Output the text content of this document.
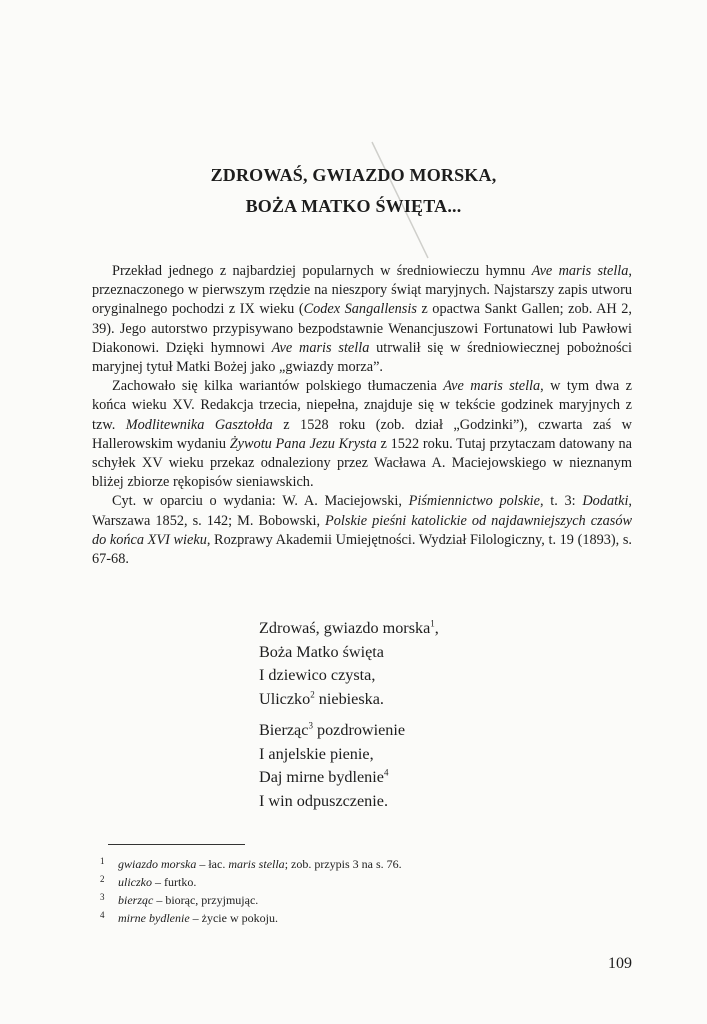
ZDROWAŚ, GWIAZDO MORSKA,
BOŻA MATKO ŚWIĘTA...

Przekład jednego z najbardziej popularnych w średniowieczu hymnu Ave maris stella, przeznaczonego w pierwszym rzędzie na nieszpory świąt maryjnych. Najstarszy zapis utworu oryginalnego pochodzi z IX wieku (Codex Sangallensis z opactwa Sankt Gallen; zob. AH 2, 39). Jego autorstwo przypisywano bezpodstawnie Wenancjuszowi Fortunatowi lub Pawłowi Diakonowi. Dzięki hymnowi Ave maris stella utrwalił się w średniowiecznej pobożności maryjnej tytuł Matki Bożej jako „gwiazdy morza”.

Zachowało się kilka wariantów polskiego tłumaczenia Ave maris stella, w tym dwa z końca wieku XV. Redakcja trzecia, niepełna, znajduje się w tekście godzinek maryjnych z tzw. Modlitewnika Gasztołda z 1528 roku (zob. dział „Godzinki”), czwarta zaś w Hallerowskim wydaniu Żywotu Pana Jezu Krysta z 1522 roku. Tutaj przytaczam datowany na schyłek XV wieku przekaz odnaleziony przez Wacława A. Maciejowskiego w nieznanym bliżej zbiorze rękopisów sieniawskich.

Cyt. w oparciu o wydania: W. A. Maciejowski, Piśmiennictwo polskie, t. 3: Dodatki, Warszawa 1852, s. 142; M. Bobowski, Polskie pieśni katolickie od najdawniejszych czasów do końca XVI wieku, Rozprawy Akademii Umiejętności. Wydział Filologiczny, t. 19 (1893), s. 67-68.

Zdrowaś, gwiazdo morska$^1$,
Boża Matko święta
I dziewico czysta,
Uliczko$^2$ niebieska.
Bierząc$^3$ pozdrowienie
I anjelskie pienie,
Daj mirne bydlenie$^4$
I win odpuszczenie.
1 gwiazdo morska – łac. maris stella; zob. przypis 3 na s. 76.
2 uliczko – furtko.
3 bierząc – biorąc, przyjmując.
4 mirne bydlenie – życie w pokoju.
109
